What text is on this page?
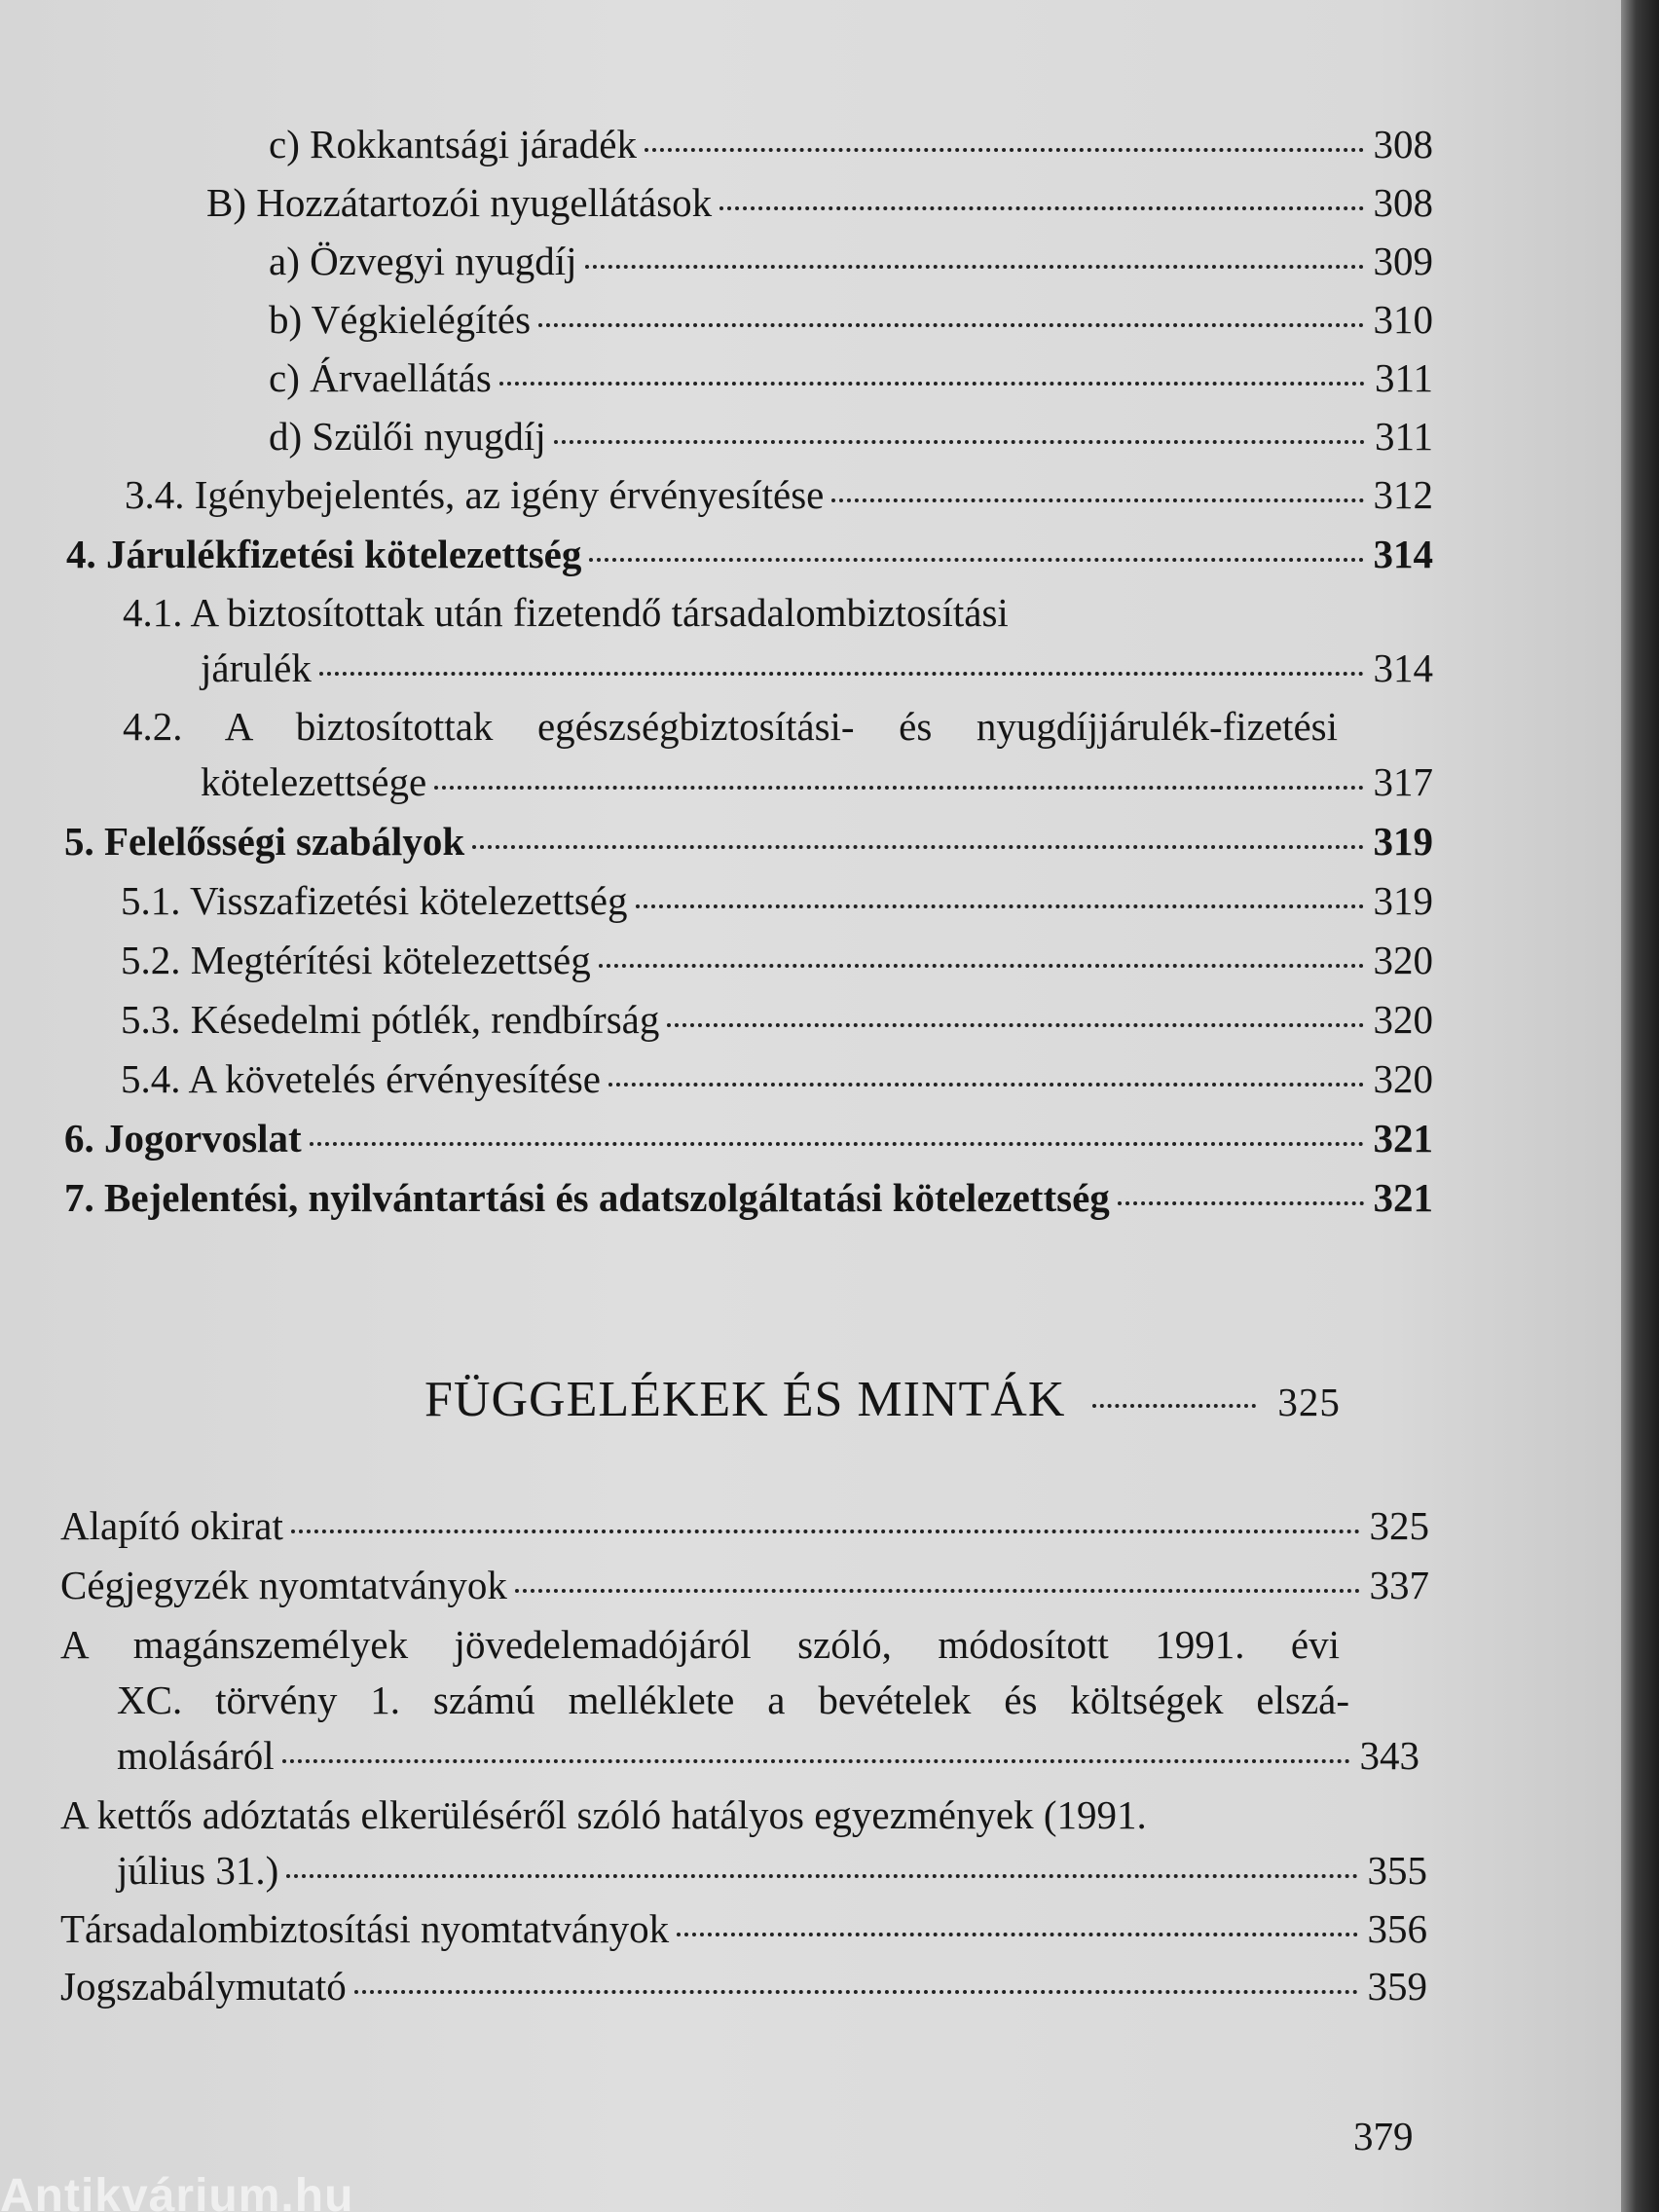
c) Rokkantsági járadék	308
B) Hozzátartozói nyugellátások	308
a) Özvegyi nyugdíj	309
b) Végkielégítés	310
c) Árvaellátás	311
d) Szülői nyugdíj	311
3.4. Igénybejelentés, az igény érvényesítése	312
4. Járulékfizetési kötelezettség	314
4.1. A biztosítottak után fizetendő társadalombiztosítási
járulék	314
4.2. A biztosítottak egészségbiztosítási- és nyugdíjjárulék-fizetési
kötelezettsége	317
5. Felelősségi szabályok	319
5.1. Visszafizetési kötelezettség	319
5.2. Megtérítési kötelezettség	320
5.3. Késedelmi pótlék, rendbírság	320
5.4. A követelés érvényesítése	320
6. Jogorvoslat	321
7. Bejelentési, nyilvántartási és adatszolgáltatási kötelezettség	321
FÜGGELÉKEK ÉS MINTÁK	325
Alapító okirat	325
Cégjegyzék nyomtatványok	337
A magánszemélyek jövedelemadójáról szóló, módosított 1991. évi
XC. törvény 1. számú melléklete a bevételek és költségek elszá-
molásáról	343
A kettős adóztatás elkerüléséről szóló hatályos egyezmények (1991.
július 31.)	355
Társadalombiztosítási nyomtatványok	356
Jogszabálymutató	359
379
Antikvárium.hu
